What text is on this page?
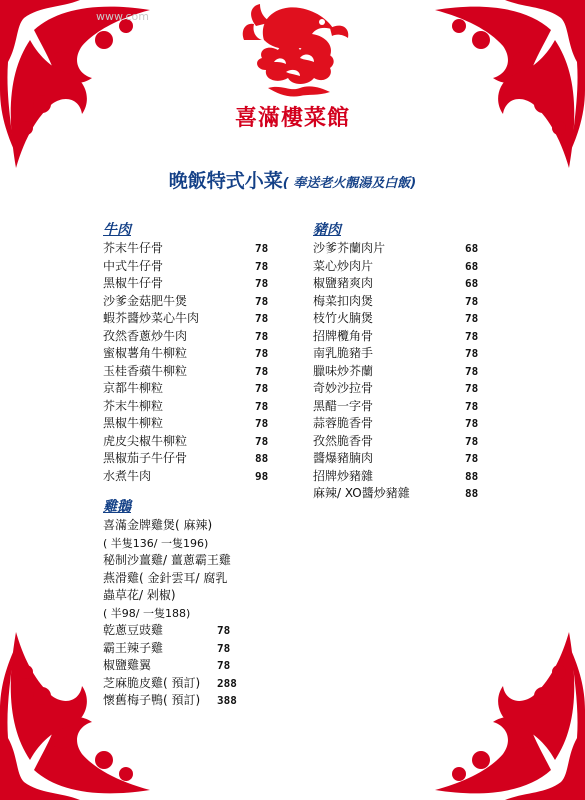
www.com
喜滿樓菜館
晚飯特式小菜( 奉送老火靚湯及白飯)
牛肉
芥末牛仔骨	78
中式牛仔骨	78
黑椒牛仔骨	78
沙爹金菇肥牛煲	78
蝦芥醬炒菜心牛肉	78
孜然香蔥炒牛肉	78
蜜椒薯角牛柳粒	78
玉桂香蘋牛柳粒	78
京都牛柳粒	78
芥末牛柳粒	78
黑椒牛柳粒	78
虎皮尖椒牛柳粒	78
黑椒茄子牛仔骨	88
水煮牛肉	98
豬肉
沙爹芥蘭肉片	68
菜心炒肉片	68
椒鹽豬爽肉	68
梅菜扣肉煲	78
枝竹火腩煲	78
招牌欖角骨	78
南乳脆豬手	78
臘味炒芥蘭	78
奇妙沙拉骨	78
黑醋一字骨	78
蒜蓉脆香骨	78
孜然脆香骨	78
醬爆豬腩肉	78
招牌炒豬雜	88
麻辣/ XO醬炒豬雜	88
雞鵝
喜滿金牌雞煲( 麻辣)
( 半隻136/ 一隻196)
秘制沙薑雞/ 薑蔥霸王雞
燕滑雞( 金針雲耳/ 腐乳
蟲草花/ 剁椒)
( 半98/ 一隻188)
乾蔥豆豉雞	78
霸王辣子雞	78
椒鹽雞翼	78
芝麻脆皮雞( 預訂) 288
懷舊梅子鴨( 預訂) 388
